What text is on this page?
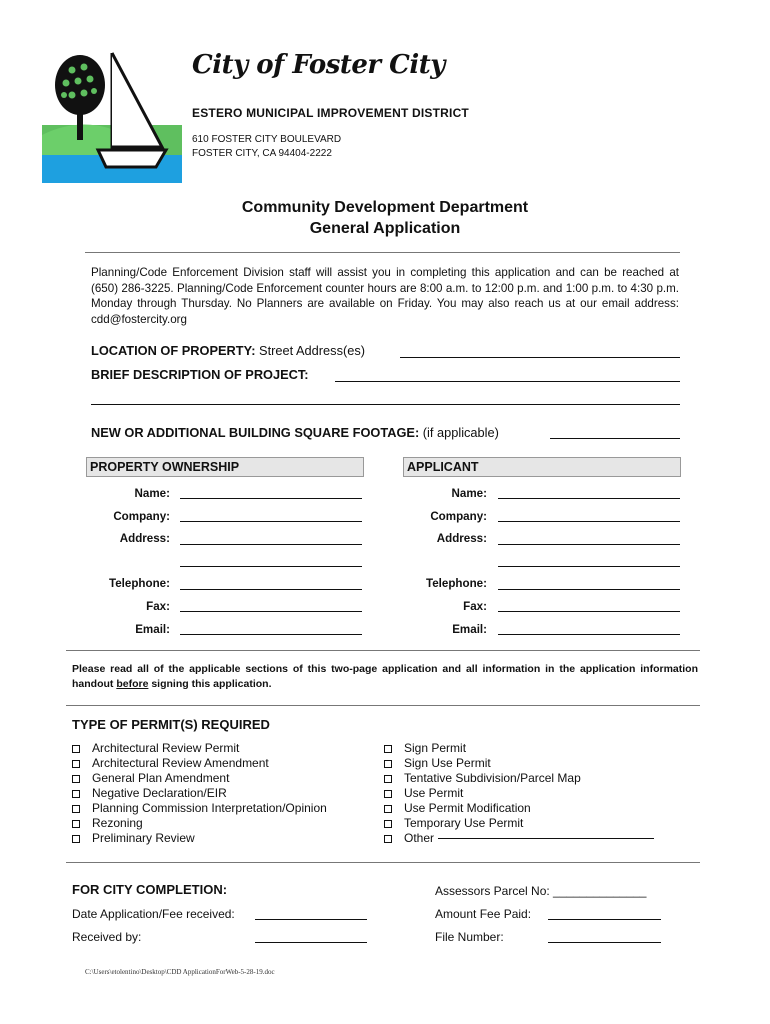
City of Foster City
ESTERO MUNICIPAL IMPROVEMENT DISTRICT
610 FOSTER CITY BOULEVARD
FOSTER CITY, CA 94404-2222
Community Development Department
General Application

Planning/Code Enforcement Division staff will assist you in completing this application and can be reached at (650) 286-3225. Planning/Code Enforcement counter hours are 8:00 a.m. to 12:00 p.m. and 1:00 p.m. to 4:30 p.m. Monday through Thursday. No Planners are available on Friday. You may also reach us at our email address: cdd@fostercity.org

LOCATION OF PROPERTY: Street Address(es)
BRIEF DESCRIPTION OF PROJECT:
NEW OR ADDITIONAL BUILDING SQUARE FOOTAGE: (if applicable)
PROPERTY OWNERSHIP	APPLICANT
Name:
Company:
Address:
Telephone:
Fax:
Email:
Name:
Company:
Address:
Telephone:
Fax:
Email:

Please read all of the applicable sections of this two-page application and all information in the application information handout before signing this application.

TYPE OF PERMIT(S) REQUIRED
Architectural Review Permit
Architectural Review Amendment
General Plan Amendment
Negative Declaration/EIR
Planning Commission Interpretation/Opinion
Rezoning
Preliminary Review
Sign Permit
Sign Use Permit
Tentative Subdivision/Parcel Map
Use Permit
Use Permit Modification
Temporary Use Permit
Other
FOR CITY COMPLETION:
Date Application/Fee received:
Received by:
Assessors Parcel No: ______________
Amount Fee Paid:
File Number:
C:\Users\etolentino\Desktop\CDD ApplicationForWeb-5-28-19.doc
